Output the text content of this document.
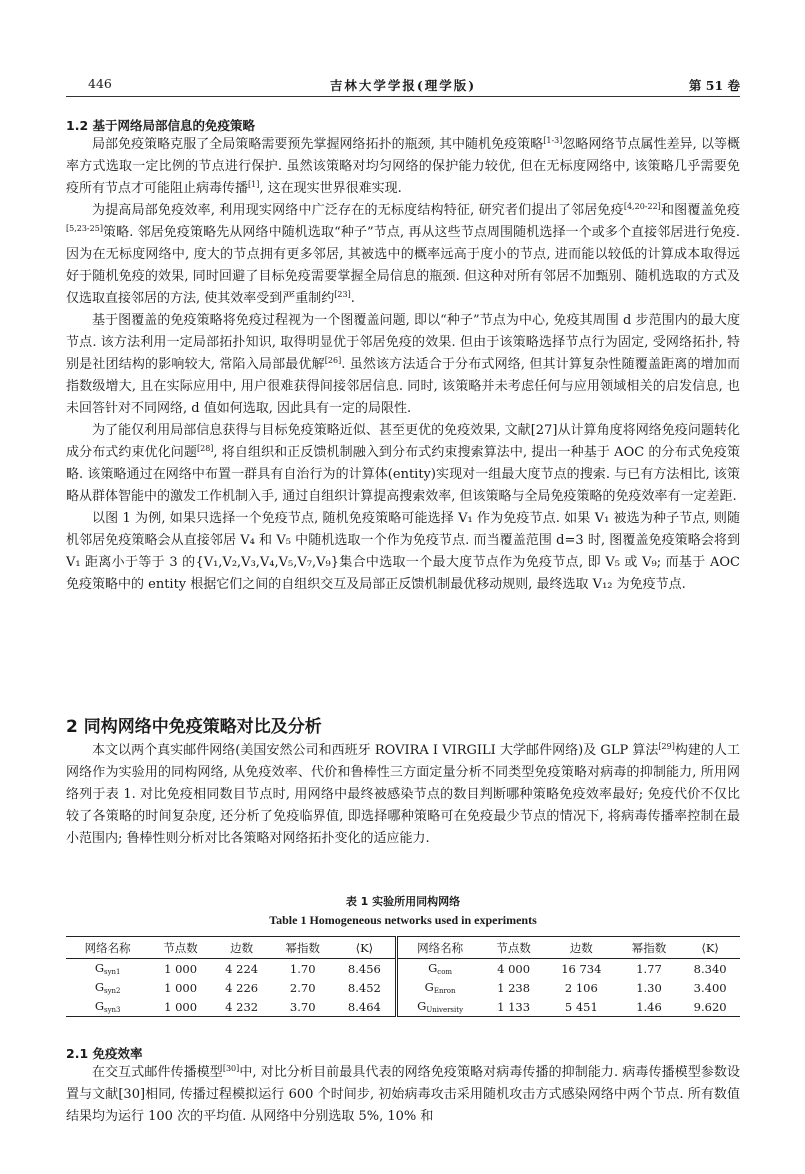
446	吉林大学学报(理学版)	第 51 卷
1.2 基于网络局部信息的免疫策略

局部免疫策略克服了全局策略需要预先掌握网络拓扑的瓶颈, 其中随机免疫策略[1-3]忽略网络节点属性差异, 以等概率方式选取一定比例的节点进行保护. 虽然该策略对均匀网络的保护能力较优, 但在无标度网络中, 该策略几乎需要免疫所有节点才可能阻止病毒传播[1], 这在现实世界很难实现.

为提高局部免疫效率, 利用现实网络中广泛存在的无标度结构特征, 研究者们提出了邻居免疫[4,20-22]和图覆盖免疫[5,23-25]策略. 邻居免疫策略先从网络中随机选取“种子”节点, 再从这些节点周围随机选择一个或多个直接邻居进行免疫. 因为在无标度网络中, 度大的节点拥有更多邻居, 其被选中的概率远高于度小的节点, 进而能以较低的计算成本取得远好于随机免疫的效果, 同时回避了目标免疫需要掌握全局信息的瓶颈. 但这种对所有邻居不加甄别、随机选取的方式及仅选取直接邻居的方法, 使其效率受到严重制约[23].

基于图覆盖的免疫策略将免疫过程视为一个图覆盖问题, 即以“种子”节点为中心, 免疫其周围 d 步范围内的最大度节点. 该方法利用一定局部拓扑知识, 取得明显优于邻居免疫的效果. 但由于该策略选择节点行为固定, 受网络拓扑, 特别是社团结构的影响较大, 常陷入局部最优解[26]. 虽然该方法适合于分布式网络, 但其计算复杂性随覆盖距离的增加而指数级增大, 且在实际应用中, 用户很难获得间接邻居信息. 同时, 该策略并未考虑任何与应用领域相关的启发信息, 也未回答针对不同网络, d 值如何选取, 因此具有一定的局限性.

为了能仅利用局部信息获得与目标免疫策略近似、甚至更优的免疫效果, 文献[27]从计算角度将网络免疫问题转化成分布式约束优化问题[28], 将自组织和正反馈机制融入到分布式约束搜索算法中, 提出一种基于 AOC 的分布式免疫策略. 该策略通过在网络中布置一群具有自治行为的计算体(entity)实现对一组最大度节点的搜索. 与已有方法相比, 该策略从群体智能中的激发工作机制入手, 通过自组织计算提高搜索效率, 但该策略与全局免疫策略的免疫效率有一定差距.

以图 1 为例, 如果只选择一个免疫节点, 随机免疫策略可能选择 V₁ 作为免疫节点. 如果 V₁ 被选为种子节点, 则随机邻居免疫策略会从直接邻居 V₄ 和 V₅ 中随机选取一个作为免疫节点. 而当覆盖范围 d=3 时, 图覆盖免疫策略会将到 V₁ 距离小于等于 3 的{V₁,V₂,V₃,V₄,V₅,V₇,V₉}集合中选取一个最大度节点作为免疫节点, 即 V₅ 或 V₉; 而基于 AOC 免疫策略中的 entity 根据它们之间的自组织交互及局部正反馈机制最优移动规则, 最终选取 V₁₂ 为免疫节点.

2 同构网络中免疫策略对比及分析

本文以两个真实邮件网络(美国安然公司和西班牙 ROVIRA I VIRGILI 大学邮件网络)及 GLP 算法[29]构建的人工网络作为实验用的同构网络, 从免疫效率、代价和鲁棒性三方面定量分析不同类型免疫策略对病毒的抑制能力, 所用网络列于表 1. 对比免疫相同数目节点时, 用网络中最终被感染节点的数目判断哪种策略免疫效率最好; 免疫代价不仅比较了各策略的时间复杂度, 还分析了免疫临界值, 即选择哪种策略可在免疫最少节点的情况下, 将病毒传播率控制在最小范围内; 鲁棒性则分析对比各策略对网络拓扑变化的适应能力.

表 1 实验所用同构网络
Table 1 Homogeneous networks used in experiments
网络名称	节点数	边数	幂指数	⟨K⟩	网络名称	节点数	边数	幂指数	⟨K⟩
$G_{syn1}$	1 000	4 224	1.70	8.456	$G_{com}$	4 000	16 734	1.77	8.340
$G_{syn2}$	1 000	4 226	2.70	8.452	$G_{Enron}$	1 238	2 106	1.30	3.400
$G_{syn3}$	1 000	4 232	3.70	8.464	$G_{University}$	1 133	5 451	1.46	9.620
2.1 免疫效率

在交互式邮件传播模型[30]中, 对比分析目前最具代表的网络免疫策略对病毒传播的抑制能力. 病毒传播模型参数设置与文献[30]相同, 传播过程模拟运行 600 个时间步, 初始病毒攻击采用随机攻击方式感染网络中两个节点. 所有数值结果均为运行 100 次的平均值. 从网络中分别选取 5%, 10% 和
